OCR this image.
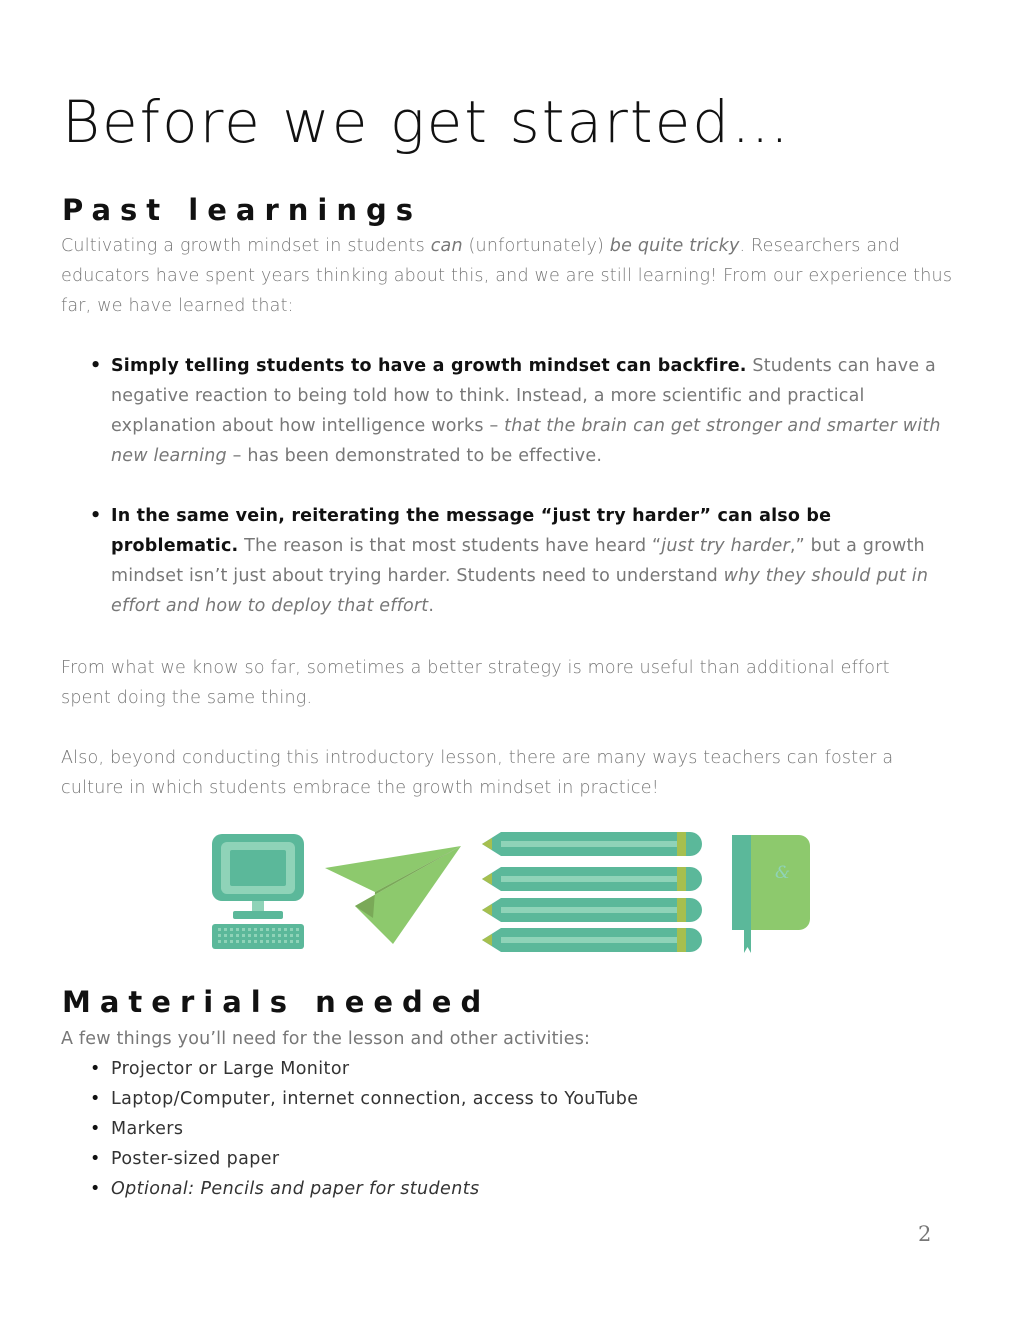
Before we get started…
Past learnings

Cultivating a growth mindset in students can (unfortunately) be quite tricky. Researchers and educators have spent years thinking about this, and we are still learning! From our experience thus far, we have learned that:

• Simply telling students to have a growth mindset can backfire. Students can have a negative reaction to being told how to think. Instead, a more scientific and practical explanation about how intelligence works – that the brain can get stronger and smarter with new learning – has been demonstrated to be effective.
• In the same vein, reiterating the message “just try harder” can also be problematic. The reason is that most students have heard “just try harder,” but a growth mindset isn’t just about trying harder. Students need to understand why they should put in effort and how to deploy that effort.

From what we know so far, sometimes a better strategy is more useful than additional effort spent doing the same thing.

Also, beyond conducting this introductory lesson, there are many ways teachers can foster a culture in which students embrace the growth mindset in practice!

&
Materials needed

A few things you’ll need for the lesson and other activities:

• Projector or Large Monitor
• Laptop/Computer, internet connection, access to YouTube
• Markers
• Poster-sized paper
• Optional: Pencils and paper for students
2
